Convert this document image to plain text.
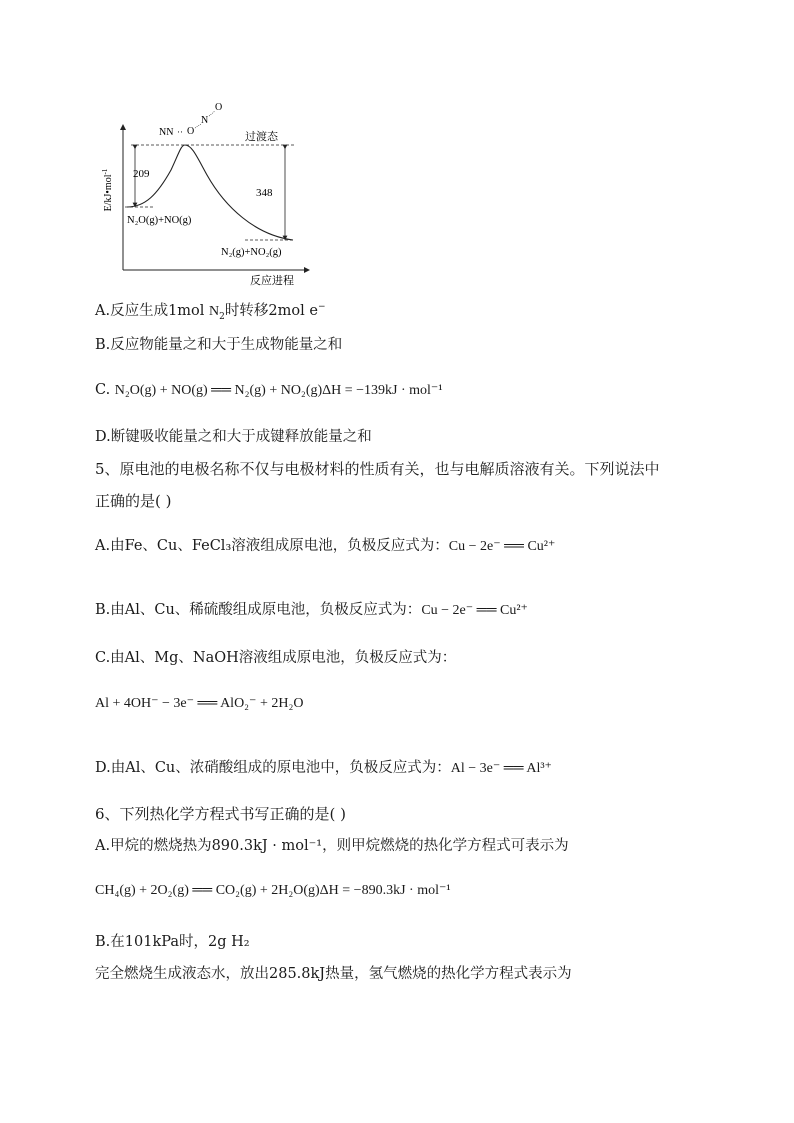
E/kJ•mol$^{-1}$	209
348
过渡态
NN ·· O
N
O
N₂O(g)+NO(g)
N₂(g)+NO₂(g)
反应进程
A.反应生成1mol $N_2$时转移2mol e−
B.反应物能量之和大于生成物能量之和
C. N₂O(g) + NO(g) ══ N₂(g) + NO₂(g)ΔH = −139kJ · mol⁻¹
D.断键吸收能量之和大于成键释放能量之和
5、原电池的电极名称不仅与电极材料的性质有关，也与电解质溶液有关。下列说法中
正确的是( )
A.由Fe、Cu、FeCl₃溶液组成原电池，负极反应式为：Cu − 2e⁻ ══ Cu²⁺
B.由Al、Cu、稀硫酸组成原电池，负极反应式为：Cu − 2e⁻ ══ Cu²⁺
C.由Al、Mg、NaOH溶液组成原电池，负极反应式为：
Al + 4OH⁻ − 3e⁻ ══ AlO₂⁻ + 2H₂O
D.由Al、Cu、浓硝酸组成的原电池中，负极反应式为：Al − 3e⁻ ══ Al³⁺
6、下列热化学方程式书写正确的是( )
A.甲烷的燃烧热为890.3kJ · mol⁻¹，则甲烷燃烧的热化学方程式可表示为
CH₄(g) + 2O₂(g) ══ CO₂(g) + 2H₂O(g)ΔH = −890.3kJ · mol⁻¹
B.在101kPa时，2g H₂
完全燃烧生成液态水，放出285.8kJ热量，氢气燃烧的热化学方程式表示为
